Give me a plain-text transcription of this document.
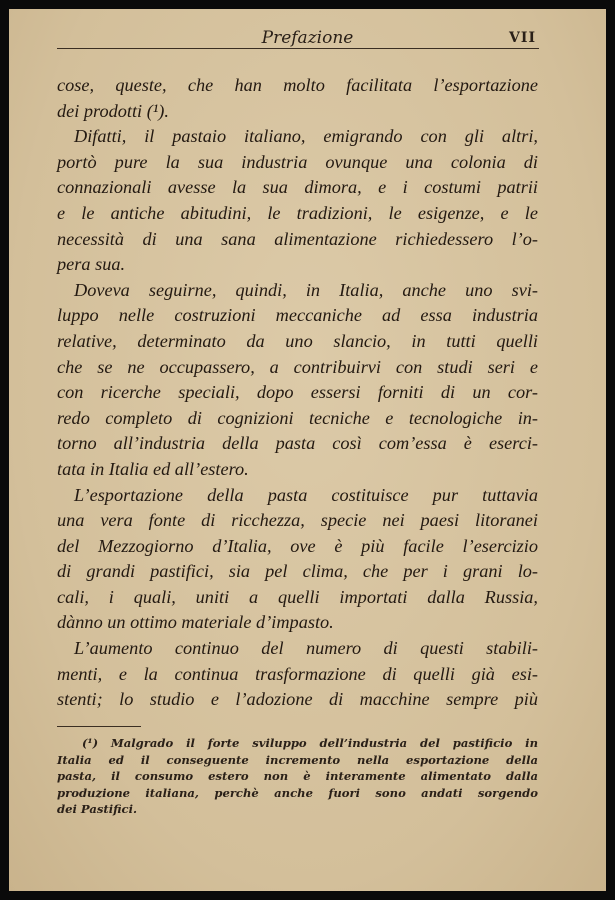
Prefazione	VII
cose, queste, che han molto facilitata l’esportazione
dei prodotti (¹).
Difatti, il pastaio italiano, emigrando con gli altri,
portò pure la sua industria ovunque una colonia di
connazionali avesse la sua dimora, e i costumi patrii
e le antiche abitudini, le tradizioni, le esigenze, e le
necessità di una sana alimentazione richiedessero l’o-
pera sua.
Doveva seguirne, quindi, in Italia, anche uno svi-
luppo nelle costruzioni meccaniche ad essa industria
relative, determinato da uno slancio, in tutti quelli
che se ne occupassero, a contribuirvi con studi seri e
con ricerche speciali, dopo essersi forniti di un cor-
redo completo di cognizioni tecniche e tecnologiche in-
torno all’industria della pasta così com’essa è eserci-
tata in Italia ed all’estero.
L’esportazione della pasta costituisce pur tuttavia
una vera fonte di ricchezza, specie nei paesi litoranei
del Mezzogiorno d’Italia, ove è più facile l’esercizio
di grandi pastifici, sia pel clima, che per i grani lo-
cali, i quali, uniti a quelli importati dalla Russia,
dànno un ottimo materiale d’impasto.
L’aumento continuo del numero di questi stabili-
menti, e la continua trasformazione di quelli già esi-
stenti; lo studio e l’adozione di macchine sempre più
(¹) Malgrado il forte sviluppo dell’industria del pastificio in
Italia ed il conseguente incremento nella esportazione della
pasta, il consumo estero non è interamente alimentato dalla
produzione italiana, perchè anche fuori sono andati sorgendo
dei Pastifici.
